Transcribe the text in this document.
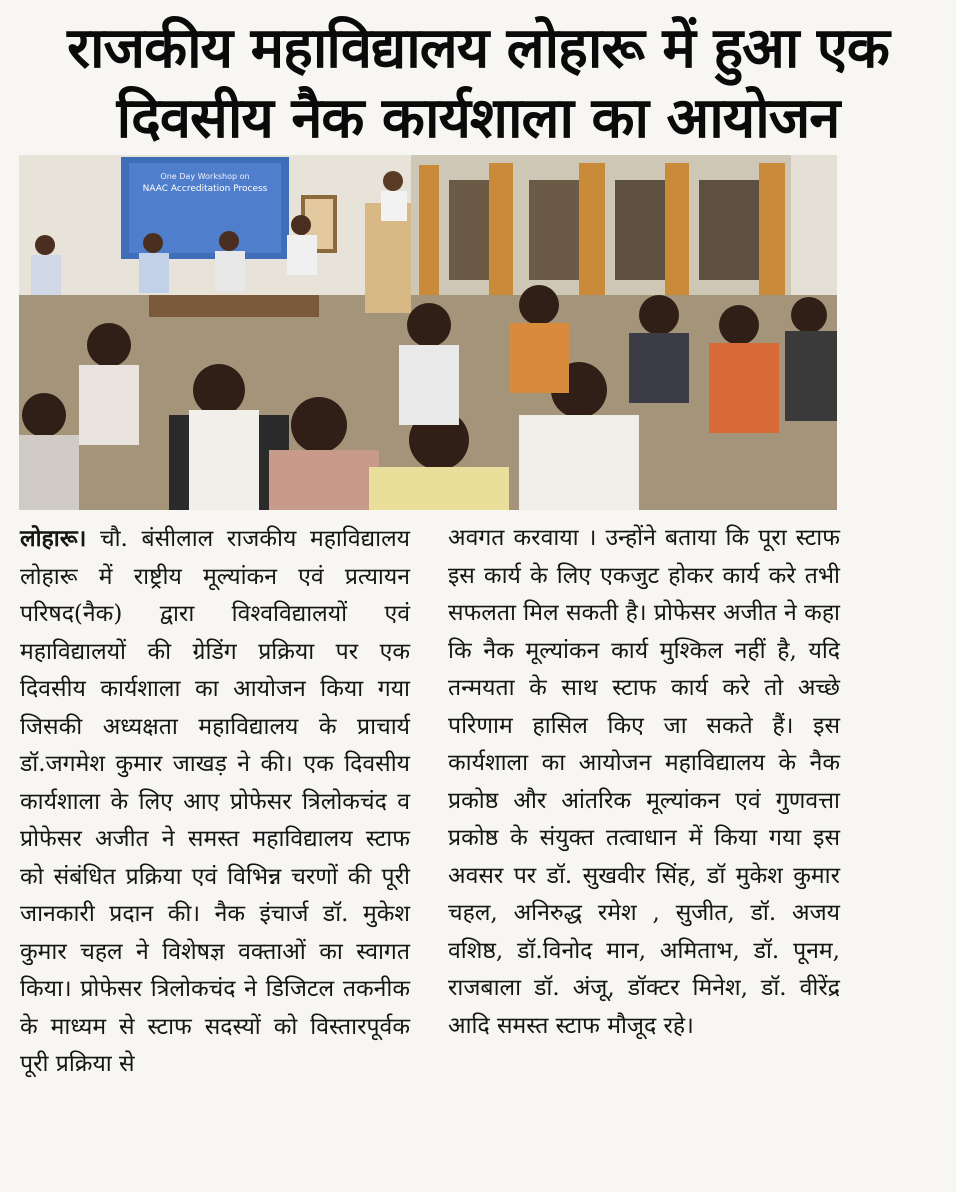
राजकीय महाविद्यालय लोहारू में हुआ एक दिवसीय नैक कार्यशाला का आयोजन
One Day Workshop on
NAAC Accreditation Process
लोहारू। चौ. बंसीलाल राजकीय महाविद्यालय लोहारू में राष्ट्रीय मूल्यांकन एवं प्रत्यायन परिषद(नैक) द्वारा विश्वविद्यालयों एवं महाविद्यालयों की ग्रेडिंग प्रक्रिया पर एक दिवसीय कार्यशाला का आयोजन किया गया जिसकी अध्यक्षता महाविद्यालय के प्राचार्य डॉ.जगमेश कुमार जाखड़ ने की। एक दिवसीय कार्यशाला के लिए आए प्रोफेसर त्रिलोकचंद व प्रोफेसर अजीत ने समस्त महाविद्यालय स्टाफ को संबंधित प्रक्रिया एवं विभिन्न चरणों की पूरी जानकारी प्रदान की। नैक इंचार्ज डॉ. मुकेश कुमार चहल ने विशेषज्ञ वक्ताओं का स्वागत किया। प्रोफेसर त्रिलोकचंद ने डिजिटल तकनीक के माध्यम से स्टाफ सदस्यों को विस्तारपूर्वक पूरी प्रक्रिया से
अवगत करवाया । उन्होंने बताया कि पूरा स्टाफ इस कार्य के लिए एकजुट होकर कार्य करे तभी सफलता मिल सकती है। प्रोफेसर अजीत ने कहा कि नैक मूल्यांकन कार्य मुश्किल नहीं है, यदि तन्मयता के साथ स्टाफ कार्य करे तो अच्छे परिणाम हासिल किए जा सकते हैं। इस कार्यशाला का आयोजन महाविद्यालय के नैक प्रकोष्ठ और आंतरिक मूल्यांकन एवं गुणवत्ता प्रकोष्ठ के संयुक्त तत्वाधान में किया गया इस अवसर पर डॉ. सुखवीर सिंह, डॉ मुकेश कुमार चहल, अनिरुद्ध रमेश , सुजीत, डॉ. अजय वशिष्ठ, डॉ.विनोद मान, अमिताभ, डॉ. पूनम, राजबाला डॉ. अंजू, डॉक्टर मिनेश, डॉ. वीरेंद्र आदि समस्त स्टाफ मौजूद रहे।
